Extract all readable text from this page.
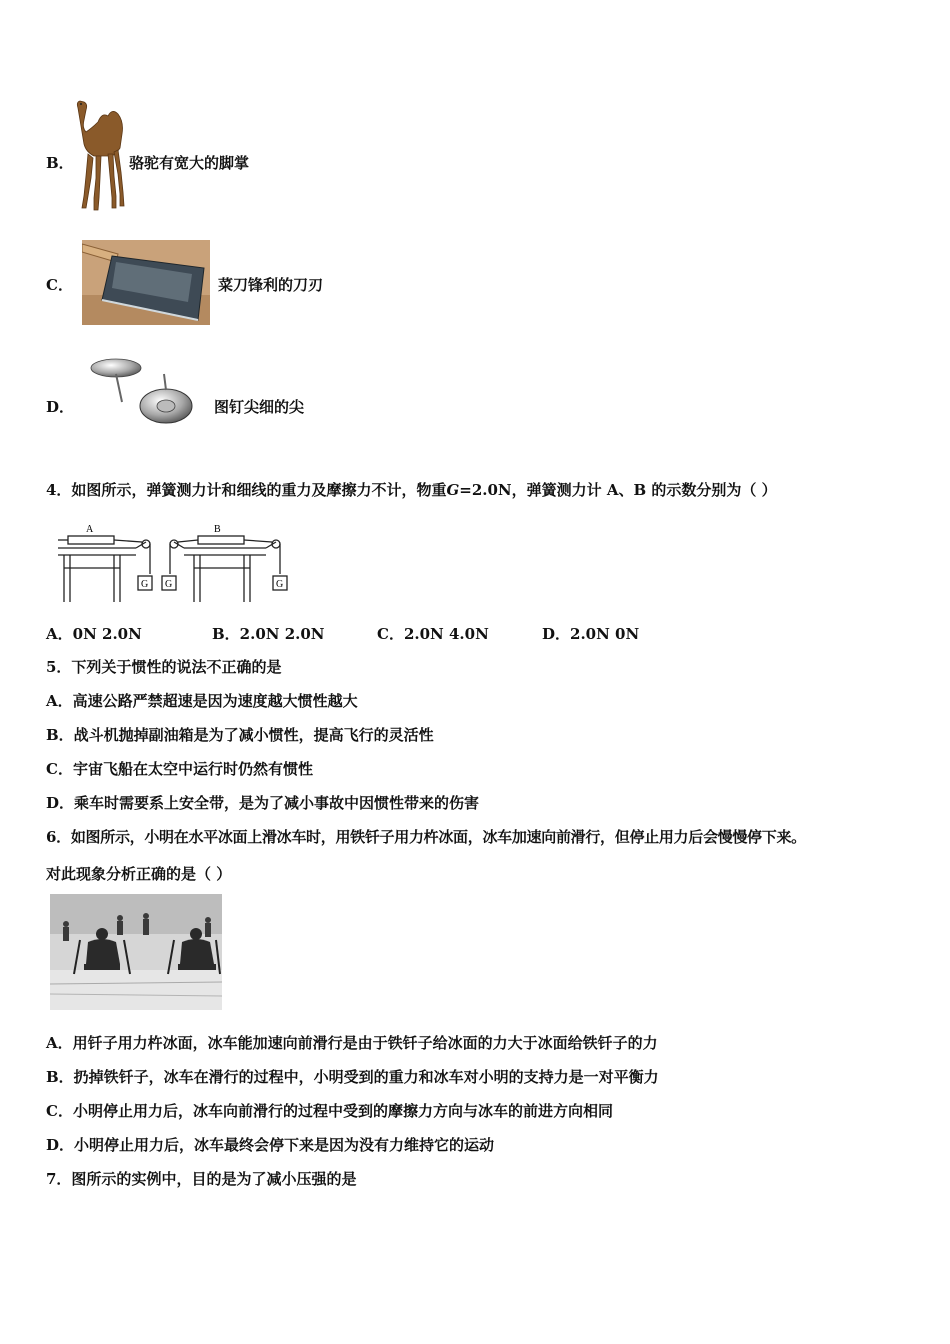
B．	骆驼有宽大的脚掌
C．	菜刀锋利的刀刃
D．	图钉尖细的尖
4．如图所示，弹簧测力计和细线的重力及摩擦力不计，物重G=2.0N，弹簧测力计 A、B 的示数分别为（ ）
A	B
G G	G
A．0N 2.0N	B．2.0N 2.0N	C．2.0N 4.0N	D．2.0N 0N
5．下列关于惯性的说法不正确的是
A．高速公路严禁超速是因为速度越大惯性越大
B．战斗机抛掉副油箱是为了减小惯性，提高飞行的灵活性
C．宇宙飞船在太空中运行时仍然有惯性
D．乘车时需要系上安全带，是为了减小事故中因惯性带来的伤害
6．如图所示，小明在水平冰面上滑冰车时，用铁钎子用力杵冰面，冰车加速向前滑行，但停止用力后会慢慢停下来。
对此现象分析正确的是（ ）
A．用钎子用力杵冰面，冰车能加速向前滑行是由于铁钎子给冰面的力大于冰面给铁钎子的力
B．扔掉铁钎子，冰车在滑行的过程中，小明受到的重力和冰车对小明的支持力是一对平衡力
C．小明停止用力后，冰车向前滑行的过程中受到的摩擦力方向与冰车的前进方向相同
D．小明停止用力后，冰车最终会停下来是因为没有力维持它的运动
7．图所示的实例中，目的是为了减小压强的是
